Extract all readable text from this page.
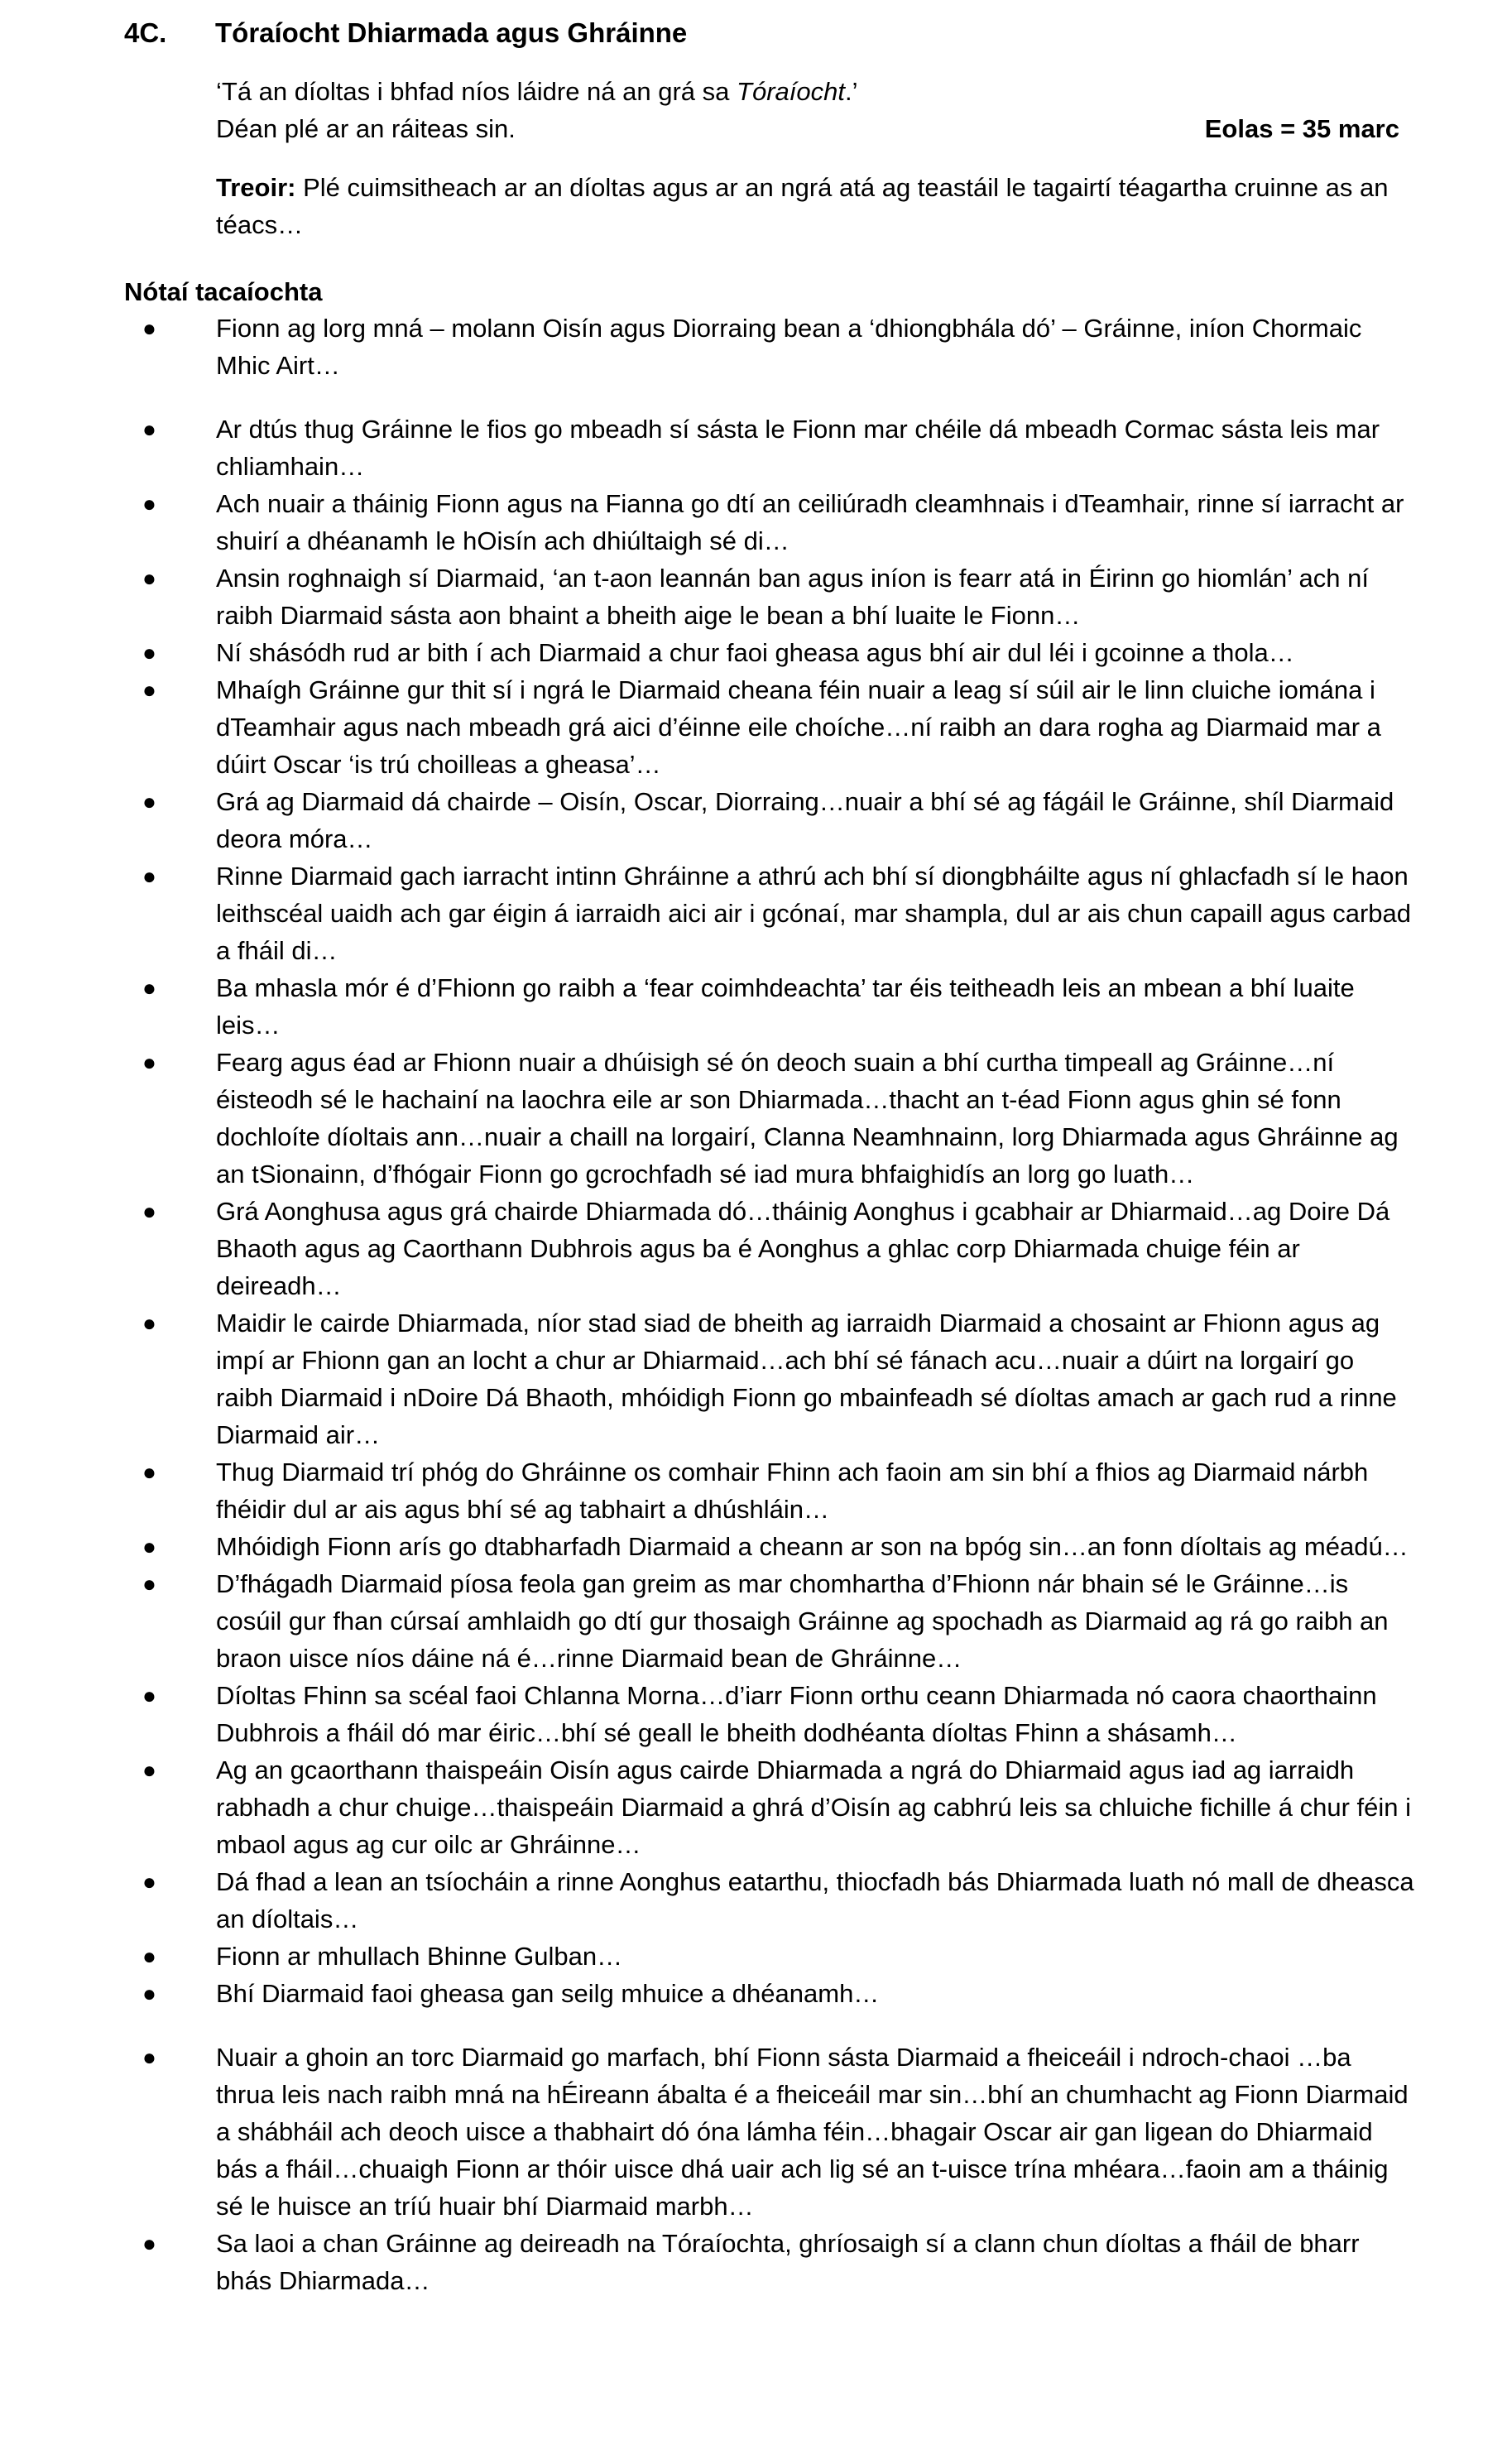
4C.	Tóraíocht Dhiarmada agus Ghráinne
‘Tá an díoltas i bhfad níos láidre ná an grá sa Tóraíocht.’
Déan plé ar an ráiteas sin.	Eolas = 35 marc
Treoir: Plé cuimsitheach ar an díoltas agus ar an ngrá atá ag teastáil le tagairtí téagartha cruinne as an téacs…
Nótaí tacaíochta
● Fionn ag lorg mná – molann Oisín agus Diorraing bean a ‘dhiongbhála dó’ – Gráinne, iníon Chormaic Mhic Airt…
● Ar dtús thug Gráinne le fios go mbeadh sí sásta le Fionn mar chéile dá mbeadh Cormac sásta leis mar chliamhain…
● Ach nuair a tháinig Fionn agus na Fianna go dtí an ceiliúradh cleamhnais i dTeamhair, rinne sí iarracht ar shuirí a dhéanamh le hOisín ach dhiúltaigh sé di…
● Ansin roghnaigh sí Diarmaid, ‘an t-aon leannán ban agus iníon is fearr atá in Éirinn go hiomlán’ ach ní raibh Diarmaid sásta aon bhaint a bheith aige le bean a bhí luaite le Fionn…
● Ní shásódh rud ar bith í ach Diarmaid a chur faoi gheasa agus bhí air dul léi i gcoinne a thola…
● Mhaígh Gráinne gur thit sí i ngrá le Diarmaid cheana féin nuair a leag sí súil air le linn cluiche iomána i dTeamhair agus nach mbeadh grá aici d’éinne eile choíche…ní raibh an dara rogha ag Diarmaid mar a dúirt Oscar ‘is trú choilleas a gheasa’…
● Grá ag Diarmaid dá chairde – Oisín, Oscar, Diorraing…nuair a bhí sé ag fágáil le Gráinne, shíl Diarmaid deora móra…
● Rinne Diarmaid gach iarracht intinn Ghráinne a athrú ach bhí sí diongbháilte agus ní ghlacfadh sí le haon leithscéal uaidh ach gar éigin á iarraidh aici air i gcónaí, mar shampla, dul ar ais chun capaill agus carbad a fháil di…
● Ba mhasla mór é d’Fhionn go raibh a ‘fear coimhdeachta’ tar éis teitheadh leis an mbean a bhí luaite leis…
● Fearg agus éad ar Fhionn nuair a dhúisigh sé ón deoch suain a bhí curtha timpeall ag Gráinne…ní éisteodh sé le hachainí na laochra eile ar son Dhiarmada…thacht an t-éad Fionn agus ghin sé fonn dochloíte díoltais ann…nuair a chaill na lorgairí, Clanna Neamhnainn, lorg Dhiarmada agus Ghráinne ag an tSionainn, d’fhógair Fionn go gcrochfadh sé iad mura bhfaighidís an lorg go luath…
● Grá Aonghusa agus grá chairde Dhiarmada dó…tháinig Aonghus i gcabhair ar Dhiarmaid…ag Doire Dá Bhaoth agus ag Caorthann Dubhrois agus ba é Aonghus a ghlac corp Dhiarmada chuige féin ar deireadh…
● Maidir le cairde Dhiarmada, níor stad siad de bheith ag iarraidh Diarmaid a chosaint ar Fhionn agus ag impí ar Fhionn gan an locht a chur ar Dhiarmaid…ach bhí sé fánach acu…nuair a dúirt na lorgairí go raibh Diarmaid i nDoire Dá Bhaoth, mhóidigh Fionn go mbainfeadh sé díoltas amach ar gach rud a rinne Diarmaid air…
● Thug Diarmaid trí phóg do Ghráinne os comhair Fhinn ach faoin am sin bhí a fhios ag Diarmaid nárbh fhéidir dul ar ais agus bhí sé ag tabhairt a dhúshláin…
● Mhóidigh Fionn arís go dtabharfadh Diarmaid a cheann ar son na bpóg sin…an fonn díoltais ag méadú…
● D’fhágadh Diarmaid píosa feola gan greim as mar chomhartha d’Fhionn nár bhain sé le Gráinne…is cosúil gur fhan cúrsaí amhlaidh go dtí gur thosaigh Gráinne ag spochadh as Diarmaid ag rá go raibh an braon uisce níos dáine ná é…rinne Diarmaid bean de Ghráinne…
● Díoltas Fhinn sa scéal faoi Chlanna Morna…d’iarr Fionn orthu ceann Dhiarmada nó caora chaorthainn Dubhrois a fháil dó mar éiric…bhí sé geall le bheith dodhéanta díoltas Fhinn a shásamh…
● Ag an gcaorthann thaispeáin Oisín agus cairde Dhiarmada a ngrá do Dhiarmaid agus iad ag iarraidh rabhadh a chur chuige…thaispeáin Diarmaid a ghrá d’Oisín ag cabhrú leis sa chluiche fichille á chur féin i mbaol agus ag cur oilc ar Ghráinne…
● Dá fhad a lean an tsíocháin a rinne Aonghus eatarthu, thiocfadh bás Dhiarmada luath nó mall de dheasca an díoltais…
● Fionn ar mhullach Bhinne Gulban…
● Bhí Diarmaid faoi gheasa gan seilg mhuice a dhéanamh…
● Nuair a ghoin an torc Diarmaid go marfach, bhí Fionn sásta Diarmaid a fheiceáil i ndroch-chaoi …ba thrua leis nach raibh mná na hÉireann ábalta é a fheiceáil mar sin…bhí an chumhacht ag Fionn Diarmaid a shábháil ach deoch uisce a thabhairt dó óna lámha féin…bhagair Oscar air gan ligean do Dhiarmaid bás a fháil…chuaigh Fionn ar thóir uisce dhá uair ach lig sé an t-uisce trína mhéara…faoin am a tháinig sé le huisce an tríú huair bhí Diarmaid marbh…
● Sa laoi a chan Gráinne ag deireadh na Tóraíochta, ghríosaigh sí a clann chun díoltas a fháil de bharr bhás Dhiarmada…
